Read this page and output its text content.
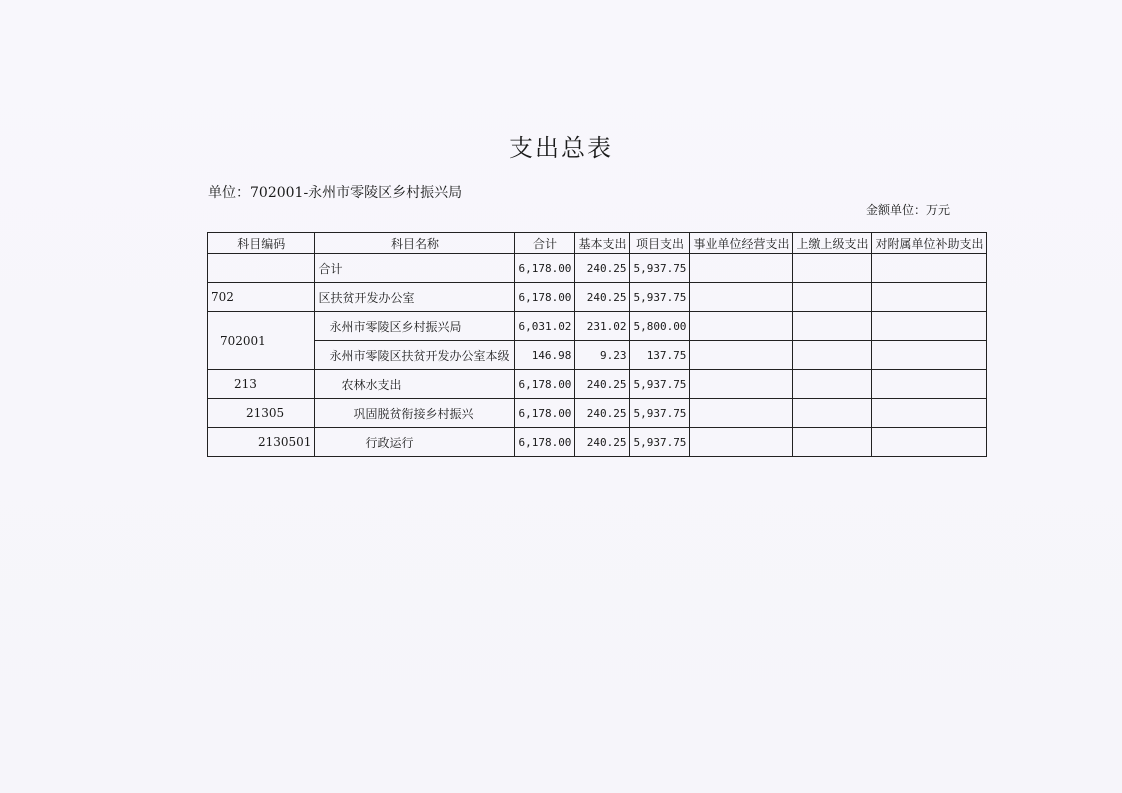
支出总表
单位：702001-永州市零陵区乡村振兴局
金额单位：万元
科目编码	科目名称	合计	基本支出	项目支出	事业单位经营支出	上缴上级支出	对附属单位补助支出
	合计	6,178.00	240.25	5,937.75			
702	区扶贫开发办公室	6,178.00	240.25	5,937.75			
702001	永州市零陵区乡村振兴局	6,031.02	231.02	5,800.00			
	永州市零陵区扶贫开发办公室本级	146.98	9.23	137.75			
213	农林水支出	6,178.00	240.25	5,937.75			
21305	巩固脱贫衔接乡村振兴	6,178.00	240.25	5,937.75			
2130501	行政运行	6,178.00	240.25	5,937.75			
